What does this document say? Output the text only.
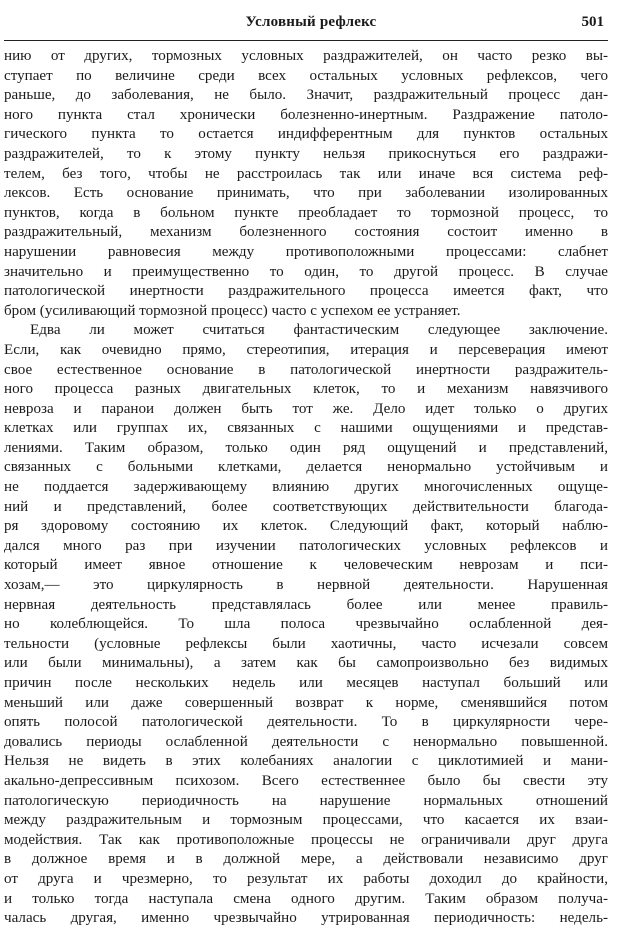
Условный рефлекс	501

нию от других, тормозных условных раздражителей, он часто резко вы-
ступает по величине среди всех остальных условных рефлексов, чего
раньше, до заболевания, не было. Значит, раздражительный процесс дан-
ного пункта стал хронически болезненно-инертным. Раздражение патоло-
гического пункта то остается индифферентным для пунктов остальных
раздражителей, то к этому пункту нельзя прикоснуться его раздражи-
телем, без того, чтобы не расстроилась так или иначе вся система реф-
лексов. Есть основание принимать, что при заболевании изолированных
пунктов, когда в больном пункте преобладает то тормозной процесс, то
раздражительный, механизм болезненного состояния состоит именно в
нарушении равновесия между противоположными процессами: слабнет
значительно и преимущественно то один, то другой процесс. В случае
патологической инертности раздражительного процесса имеется факт, что
бром (усиливающий тормозной процесс) часто с успехом ее устраняет.

Едва ли может считаться фантастическим следующее заключение.
Если, как очевидно прямо, стереотипия, итерация и персеверация имеют
свое естественное основание в патологической инертности раздражитель-
ного процесса разных двигательных клеток, то и механизм навязчивого
невроза и паранои должен быть тот же. Дело идет только о других
клетках или группах их, связанных с нашими ощущениями и представ-
лениями. Таким образом, только один ряд ощущений и представлений,
связанных с больными клетками, делается ненормально устойчивым и
не поддается задерживающему влиянию других многочисленных ощуще-
ний и представлений, более соответствующих действительности благода-
ря здоровому состоянию их клеток. Следующий факт, который наблю-
дался много раз при изучении патологических условных рефлексов и
который имеет явное отношение к человеческим неврозам и пси-
хозам,— это циркулярность в нервной деятельности. Нарушенная
нервная деятельность представлялась более или менее правиль-
но колеблющейся. То шла полоса чрезвычайно ослабленной дея-
тельности (условные рефлексы были хаотичны, часто исчезали совсем
или были минимальны), а затем как бы самопроизвольно без видимых
причин после нескольких недель или месяцев наступал больший или
меньший или даже совершенный возврат к норме, сменявшийся потом
опять полосой патологической деятельности. То в циркулярности чере-
довались периоды ослабленной деятельности с ненормально повышенной.
Нельзя не видеть в этих колебаниях аналогии с циклотимией и мани-
акально-депрессивным психозом. Всего естественнее было бы свести эту
патологическую периодичность на нарушение нормальных отношений
между раздражительным и тормозным процессами, что касается их взаи-
модействия. Так как противоположные процессы не ограничивали друг друга
в должное время и в должной мере, а действовали независимо друг
от друга и чрезмерно, то результат их работы доходил до крайности,
и только тогда наступала смена одного другим. Таким образом получа-
чалась другая, именно чрезвычайно утрированная периодичность: недель-
